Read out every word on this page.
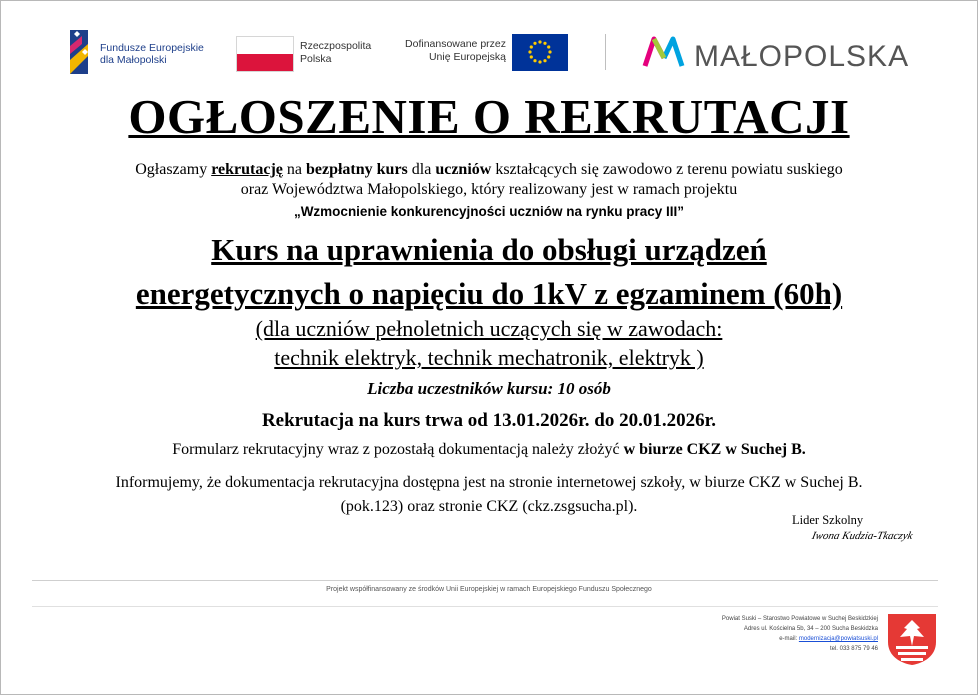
Fundusze Europejskie
dla Małopolski
Rzeczpospolita
Polska
Dofinansowane przez
Unię Europejską	MAŁOPOLSKA
OGŁOSZENIE O REKRUTACJI
Ogłaszamy rekrutację na bezpłatny kurs dla uczniów kształcących się zawodowo z terenu powiatu suskiego
oraz Województwa Małopolskiego, który realizowany jest w ramach projektu
„Wzmocnienie konkurencyjności uczniów na rynku pracy III”
Kurs na uprawnienia do obsługi urządzeń
energetycznych o napięciu do 1kV z egzaminem (60h)
(dla uczniów pełnoletnich uczących się w zawodach:
technik elektryk, technik mechatronik, elektryk )
Liczba uczestników kursu: 10 osób
Rekrutacja na kurs trwa od 13.01.2026r. do 20.01.2026r.
Formularz rekrutacyjny wraz z pozostałą dokumentacją należy złożyć w biurze CKZ w Suchej B.
Informujemy, że dokumentacja rekrutacyjna dostępna jest na stronie internetowej szkoły, w biurze CKZ w Suchej B.
(pok.123) oraz stronie CKZ (ckz.zsgsucha.pl).
Lider Szkolny
Iwona Kudzia-Tkaczyk
Projekt współfinansowany ze środków Unii Europejskiej w ramach Europejskiego Funduszu Społecznego
Powiat Suski – Starostwo Powiatowe w Suchej Beskidzkiej
Adres ul. Kościelna 5b, 34 – 200 Sucha Beskidzka
e-mail: modernizacja@powiatsuski.pl
tel. 033 875 79 46
